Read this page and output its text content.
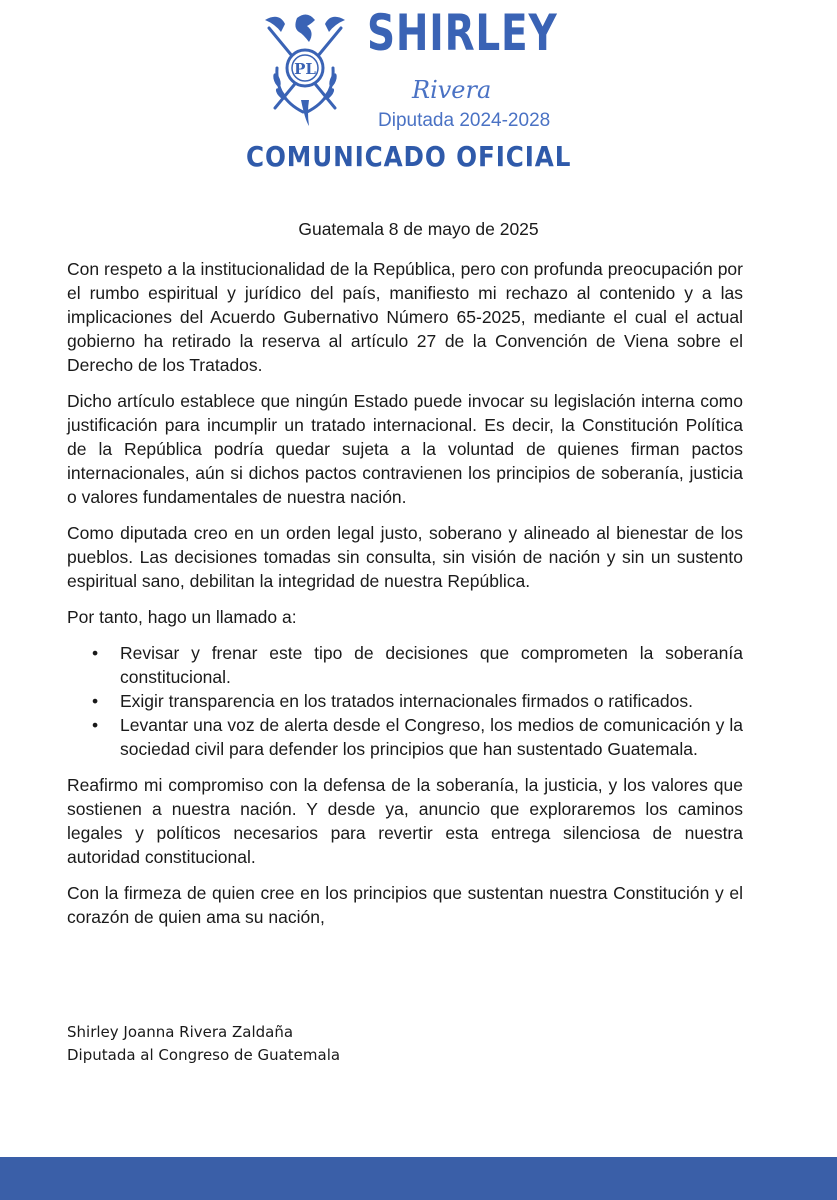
PL
SHIRLEY
Rivera
Diputada 2024-2028
COMUNICADO OFICIAL
Guatemala 8 de mayo de 2025

Con respeto a la institucionalidad de la República, pero con profunda preocupación por el rumbo espiritual y jurídico del país, manifiesto mi rechazo al contenido y a las implicaciones del Acuerdo Gubernativo Número 65-2025, mediante el cual el actual gobierno ha retirado la reserva al artículo 27 de la Convención de Viena sobre el Derecho de los Tratados.

Dicho artículo establece que ningún Estado puede invocar su legislación interna como justificación para incumplir un tratado internacional. Es decir, la Constitución Política de la República podría quedar sujeta a la voluntad de quienes firman pactos internacionales, aún si dichos pactos contravienen los principios de soberanía, justicia o valores fundamentales de nuestra nación.

Como diputada creo en un orden legal justo, soberano y alineado al bienestar de los pueblos. Las decisiones tomadas sin consulta, sin visión de nación y sin un sustento espiritual sano, debilitan la integridad de nuestra República.

Por tanto, hago un llamado a:

• Revisar y frenar este tipo de decisiones que comprometen la soberanía constitucional.
• Exigir transparencia en los tratados internacionales firmados o ratificados.
• Levantar una voz de alerta desde el Congreso, los medios de comunicación y la sociedad civil para defender los principios que han sustentado Guatemala.

Reafirmo mi compromiso con la defensa de la soberanía, la justicia, y los valores que sostienen a nuestra nación. Y desde ya, anuncio que exploraremos los caminos legales y políticos necesarios para revertir esta entrega silenciosa de nuestra autoridad constitucional.

Con la firmeza de quien cree en los principios que sustentan nuestra Constitución y el corazón de quien ama su nación,

Shirley Joanna Rivera Zaldaña
Diputada al Congreso de Guatemala
